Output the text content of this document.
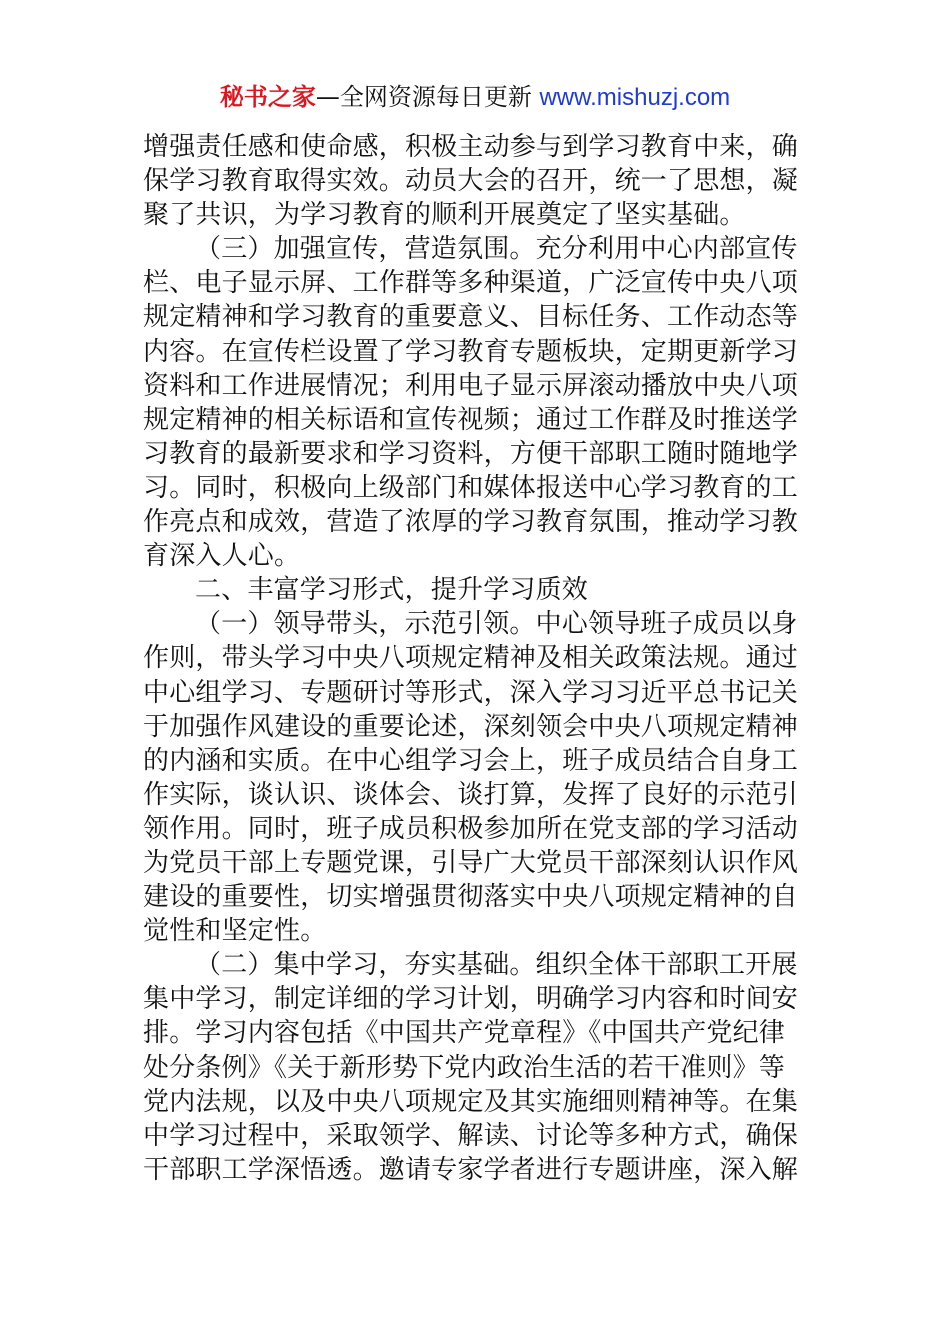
秘书之家—全网资源每日更新 www.mishuzj.com
增强责任感和使命感，积极主动参与到学习教育中来，确
保学习教育取得实效。动员大会的召开，统一了思想，凝
聚了共识，为学习教育的顺利开展奠定了坚实基础。
（三）加强宣传，营造氛围。充分利用中心内部宣传
栏、电子显示屏、工作群等多种渠道，广泛宣传中央八项
规定精神和学习教育的重要意义、目标任务、工作动态等
内容。在宣传栏设置了学习教育专题板块，定期更新学习
资料和工作进展情况；利用电子显示屏滚动播放中央八项
规定精神的相关标语和宣传视频；通过工作群及时推送学
习教育的最新要求和学习资料，方便干部职工随时随地学
习。同时，积极向上级部门和媒体报送中心学习教育的工
作亮点和成效，营造了浓厚的学习教育氛围，推动学习教
育深入人心。
二、丰富学习形式，提升学习质效
（一）领导带头，示范引领。中心领导班子成员以身
作则，带头学习中央八项规定精神及相关政策法规。通过
中心组学习、专题研讨等形式，深入学习习近平总书记关
于加强作风建设的重要论述，深刻领会中央八项规定精神
的内涵和实质。在中心组学习会上，班子成员结合自身工
作实际，谈认识、谈体会、谈打算，发挥了良好的示范引
领作用。同时，班子成员积极参加所在党支部的学习活动
为党员干部上专题党课，引导广大党员干部深刻认识作风
建设的重要性，切实增强贯彻落实中央八项规定精神的自
觉性和坚定性。
（二）集中学习，夯实基础。组织全体干部职工开展
集中学习，制定详细的学习计划，明确学习内容和时间安
排。学习内容包括《中国共产党章程》《中国共产党纪律
处分条例》《关于新形势下党内政治生活的若干准则》等
党内法规，以及中央八项规定及其实施细则精神等。在集
中学习过程中，采取领学、解读、讨论等多种方式，确保
干部职工学深悟透。邀请专家学者进行专题讲座，深入解
